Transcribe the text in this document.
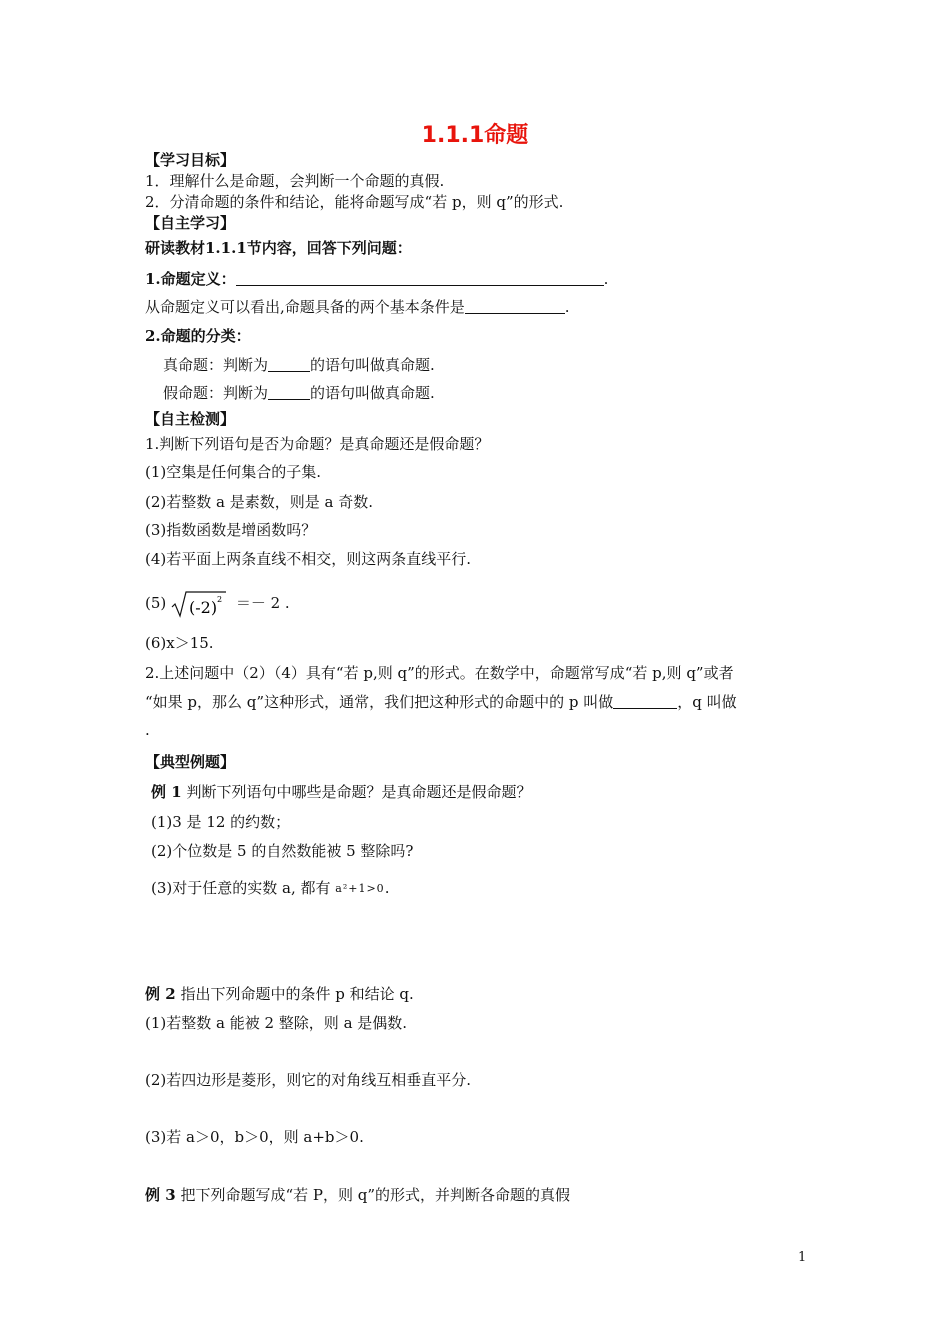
1.1.1命题
【学习目标】
1．理解什么是命题，会判断一个命题的真假.
2．分清命题的条件和结论，能将命题写成“若 p，则 q”的形式.
【自主学习】
研读教材1.1.1节内容，回答下列问题：
1.命题定义：	.
从命题定义可以看出,命题具备的两个基本条件是	.
2.命题的分类：
真命题：判断为	的语句叫做真命题.
假命题：判断为	的语句叫做真命题.
【自主检测】
1.判断下列语句是否为命题？是真命题还是假命题？
(1)空集是任何集合的子集.
(2)若整数 a 是素数，则是 a 奇数.
(3)指数函数是增函数吗？
(4)若平面上两条直线不相交，则这两条直线平行.
(5) (-2) 2 ＝－ 2 .
(6)x＞15.
2.上述问题中（2）（4）具有“若 p,则 q”的形式。在数学中，命题常写成“若 p,则 q”或者
“如果 p，那么 q”这种形式，通常，我们把这种形式的命题中的 p 叫做	，q 叫做
.
【典型例题】
例 1 判断下列语句中哪些是命题？是真命题还是假命题？
(1)3 是 12 的约数；
(2)个位数是 5 的自然数能被 5 整除吗?
(3)对于任意的实数 a, 都有 a²+1>0.
例 2 指出下列命题中的条件 p 和结论 q.
(1)若整数 a 能被 2 整除，则 a 是偶数.
(2)若四边形是菱形，则它的对角线互相垂直平分.
(3)若 a＞0，b＞0，则 a+b＞0.
例 3 把下列命题写成“若 P，则 q”的形式，并判断各命题的真假
1
